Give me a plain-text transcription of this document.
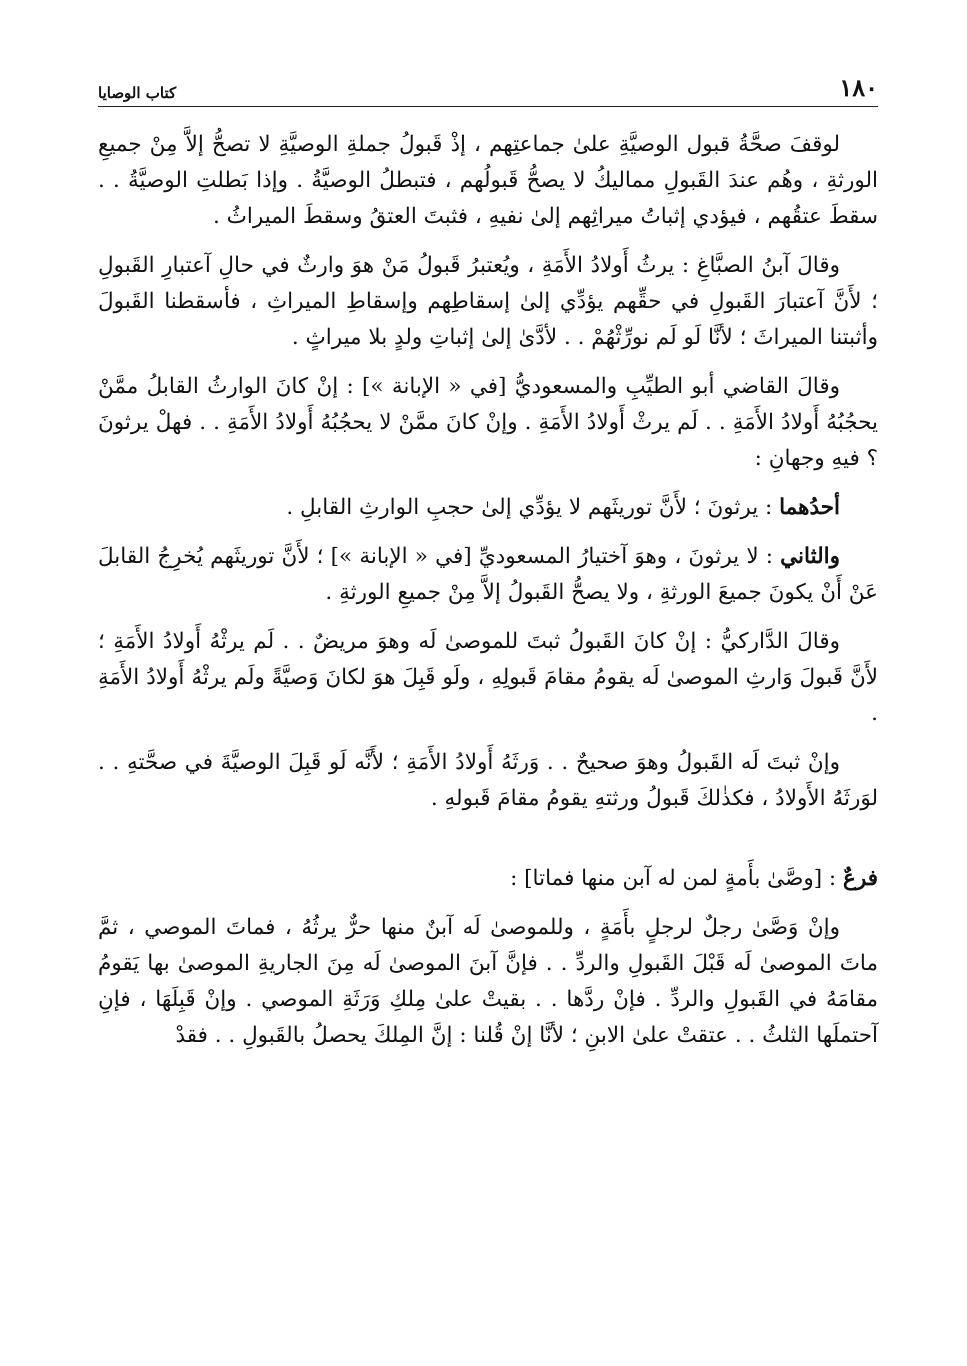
١٨٠
كتاب الوصايا

لوقفَ صحَّةُ قبول الوصيَّةِ علىٰ جماعتِهم ، إذْ قَبولُ جملةِ الوصيَّةِ لا تصحُّ إلاَّ مِنْ جميعِ الورثةِ ، وهُم عندَ القَبولِ مماليكُ لا يصحُّ قَبولُهم ، فتبطلُ الوصيَّةُ . وإذا بَطلتِ الوصيَّةُ . . سقطَ عتقُهم ، فيؤدي إثباتُ ميراثِهم إلىٰ نفيهِ ، فثبتَ العتقُ وسقطَ الميراثُ .

وقالَ آبنُ الصبَّاغِ : يرثُ أَولادُ الأَمَةِ ، ويُعتبرُ قَبولُ مَنْ هوَ وارثٌ في حالِ آعتبارِ القَبولِ ؛ لأَنَّ آعتبارَ القَبولِ في حقِّهم يؤدِّي إلىٰ إسقاطِهم وإسقاطِ الميراثِ ، فأسقطنا القَبولَ وأثبتنا الميراثَ ؛ لأنَّا لَو لَم نورِّثْهُمْ . . لأدَّىٰ إلىٰ إثباتِ ولدٍ بلا ميراثٍ .

وقالَ القاضي أبو الطيِّبِ والمسعوديُّ [في « الإبانة »] : إنْ كانَ الوارثُ القابلُ ممَّنْ يحجُبُهُ أَولادُ الأَمَةِ . . لَم يرثْ أَولادُ الأَمَةِ . وإنْ كانَ ممَّنْ لا يحجُبُهُ أَولادُ الأَمَةِ . . فهلْ يرثونَ ؟ فيهِ وجهانِ :

أحدُهما : يرثونَ ؛ لأَنَّ توريثَهم لا يؤدِّي إلىٰ حجبِ الوارثِ القابلِ .

والثاني : لا يرثونَ ، وهوَ آختيارُ المسعوديِّ [في « الإبانة »] ؛ لأَنَّ توريثَهم يُخرِجُ القابلَ عَنْ أَنْ يكونَ جميعَ الورثةِ ، ولا يصحُّ القَبولُ إلاَّ مِنْ جميعِ الورثةِ .

وقالَ الدَّاركيُّ : إنْ كانَ القَبولُ ثبتَ للموصىٰ لَه وهوَ مريضٌ . . لَم يرثْهُ أَولادُ الأَمَةِ ؛ لأَنَّ قَبولَ وَارثِ الموصىٰ لَه يقومُ مقامَ قَبولِهِ ، ولَو قَبِلَ هوَ لكانَ وَصيَّةً ولَم يرثْهُ أَولادُ الأَمَةِ .

وإنْ ثبتَ لَه القَبولُ وهوَ صحيحٌ . . وَرثَهُ أَولادُ الأَمَةِ ؛ لأَنَّه لَو قَبِلَ الوصيَّةَ في صحَّتهِ . . لوَرثَهُ الأَولادُ ، فكذٰلكَ قَبولُ ورثتهِ يقومُ مقامَ قَبولهِ .

فرعٌ : [وصَّىٰ بأَمةٍ لمن له آبن منها فماتا] :

وإنْ وَصَّىٰ رجلٌ لرجلٍ بأَمَةٍ ، وللموصىٰ لَه آبنٌ منها حرٌّ يرثُهُ ، فماتَ الموصي ، ثمَّ ماتَ الموصىٰ لَه قَبْلَ القَبولِ والردِّ . . فإنَّ آبنَ الموصىٰ لَه مِنَ الجاريةِ الموصىٰ بها يَقومُ مقامَهُ في القَبولِ والردِّ . فإنْ ردَّها . . بقيتْ علىٰ مِلكِ وَرَثَةِ الموصي . وإنْ قَبِلَهَا ، فإنِ آحتملَها الثلثُ . . عتقتْ علىٰ الابنِ ؛ لأنَّا إنْ قُلنا : إنَّ المِلكَ يحصلُ بالقَبولِ . . فقدْ
